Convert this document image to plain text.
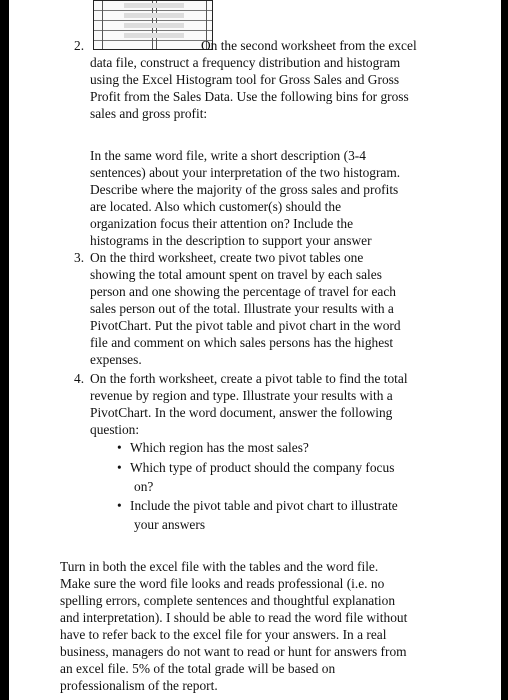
2.	On the second worksheet from the excel
data file, construct a frequency distribution and histogram
using the Excel Histogram tool for Gross Sales and Gross
Profit from the Sales Data. Use the following bins for gross
sales and gross profit:
In the same word file, write a short description (3-4
sentences) about your interpretation of the two histogram.
Describe where the majority of the gross sales and profits
are located. Also which customer(s) should the
organization focus their attention on? Include the
histograms in the description to support your answer
3. On the third worksheet, create two pivot tables one
showing the total amount spent on travel by each sales
person and one showing the percentage of travel for each
sales person out of the total. Illustrate your results with a
PivotChart. Put the pivot table and pivot chart in the word
file and comment on which sales persons has the highest
expenses.
4. On the forth worksheet, create a pivot table to find the total
revenue by region and type. Illustrate your results with a
PivotChart. In the word document, answer the following
question:
• Which region has the most sales?
• Which type of product should the company focus
on?
• Include the pivot table and pivot chart to illustrate
your answers
Turn in both the excel file with the tables and the word file.
Make sure the word file looks and reads professional (i.e. no
spelling errors, complete sentences and thoughtful explanation
and interpretation). I should be able to read the word file without
have to refer back to the excel file for your answers. In a real
business, managers do not want to read or hunt for answers from
an excel file. 5% of the total grade will be based on
professionalism of the report.
